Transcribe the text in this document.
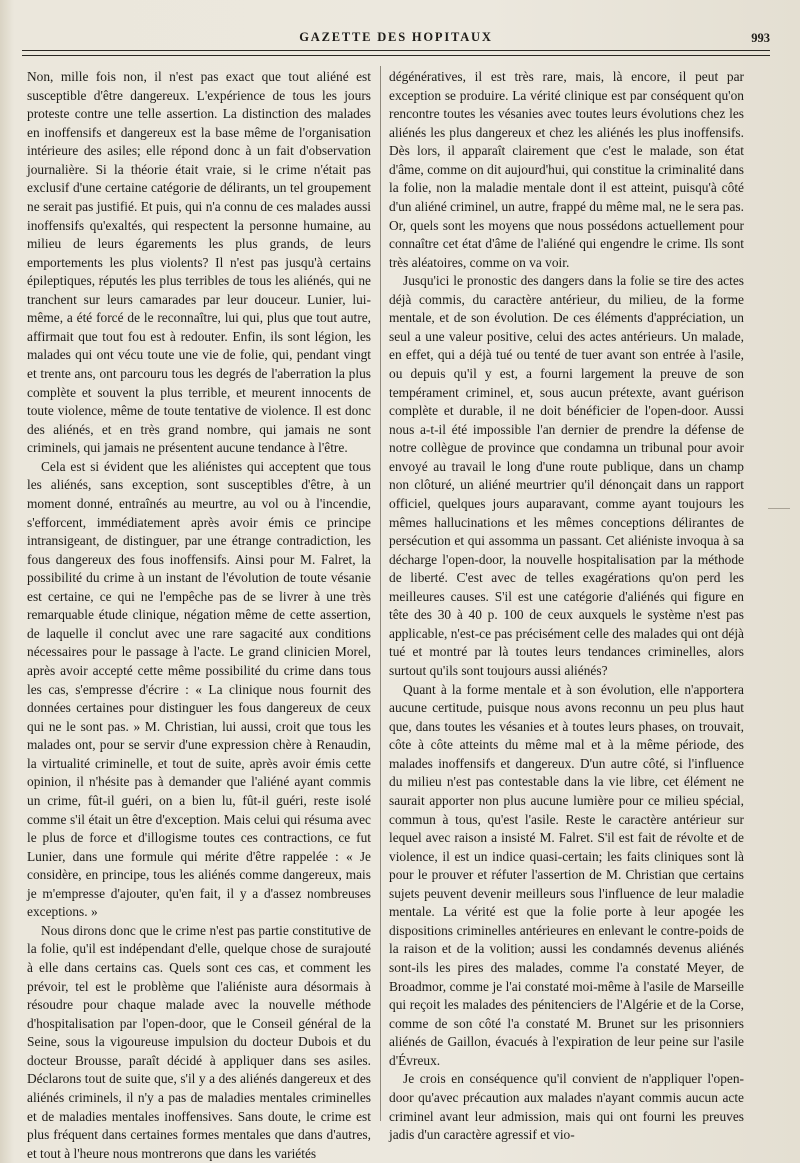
GAZETTE DES HOPITAUX	993

Non, mille fois non, il n'est pas exact que tout aliéné est susceptible d'être dangereux. L'expérience de tous les jours proteste contre une telle assertion. La distinction des malades en inoffensifs et dangereux est la base même de l'organisation intérieure des asiles; elle répond donc à un fait d'observation journalière. Si la théorie était vraie, si le crime n'était pas exclusif d'une certaine catégorie de délirants, un tel groupement ne serait pas justifié. Et puis, qui n'a connu de ces malades aussi inoffensifs qu'exaltés, qui respectent la personne humaine, au milieu de leurs égarements les plus grands, de leurs emportements les plus violents? Il n'est pas jusqu'à certains épileptiques, réputés les plus terribles de tous les aliénés, qui ne tranchent sur leurs camarades par leur douceur. Lunier, lui-même, a été forcé de le reconnaître, lui qui, plus que tout autre, affirmait que tout fou est à redouter. Enfin, ils sont légion, les malades qui ont vécu toute une vie de folie, qui, pendant vingt et trente ans, ont parcouru tous les degrés de l'aberration la plus complète et souvent la plus terrible, et meurent innocents de toute violence, même de toute tentative de violence. Il est donc des aliénés, et en très grand nombre, qui jamais ne sont criminels, qui jamais ne présentent aucune tendance à l'être.

Cela est si évident que les aliénistes qui acceptent que tous les aliénés, sans exception, sont susceptibles d'être, à un moment donné, entraînés au meurtre, au vol ou à l'incendie, s'efforcent, immédiatement après avoir émis ce principe intransigeant, de distinguer, par une étrange contradiction, les fous dangereux des fous inoffensifs. Ainsi pour M. Falret, la possibilité du crime à un instant de l'évolution de toute vésanie est certaine, ce qui ne l'empêche pas de se livrer à une très remarquable étude clinique, négation même de cette assertion, de laquelle il conclut avec une rare sagacité aux conditions nécessaires pour le passage à l'acte. Le grand clinicien Morel, après avoir accepté cette même possibilité du crime dans tous les cas, s'empresse d'écrire : « La clinique nous fournit des données certaines pour distinguer les fous dangereux de ceux qui ne le sont pas. » M. Christian, lui aussi, croit que tous les malades ont, pour se servir d'une expression chère à Renaudin, la virtualité criminelle, et tout de suite, après avoir émis cette opinion, il n'hésite pas à demander que l'aliéné ayant commis un crime, fût-il guéri, on a bien lu, fût-il guéri, reste isolé comme s'il était un être d'exception. Mais celui qui résuma avec le plus de force et d'illogisme toutes ces contractions, ce fut Lunier, dans une formule qui mérite d'être rappelée : « Je considère, en principe, tous les aliénés comme dangereux, mais je m'empresse d'ajouter, qu'en fait, il y a d'assez nombreuses exceptions. »

Nous dirons donc que le crime n'est pas partie constitutive de la folie, qu'il est indépendant d'elle, quelque chose de surajouté à elle dans certains cas. Quels sont ces cas, et comment les prévoir, tel est le problème que l'aliéniste aura désormais à résoudre pour chaque malade avec la nouvelle méthode d'hospitalisation par l'open-door, que le Conseil général de la Seine, sous la vigoureuse impulsion du docteur Dubois et du docteur Brousse, paraît décidé à appliquer dans ses asiles. Déclarons tout de suite que, s'il y a des aliénés dangereux et des aliénés criminels, il n'y a pas de maladies mentales criminelles et de maladies mentales inoffensives. Sans doute, le crime est plus fréquent dans certaines formes mentales que dans d'autres, et tout à l'heure nous montrerons que dans les variétés

dégénératives, il est très rare, mais, là encore, il peut par exception se produire. La vérité clinique est par conséquent qu'on rencontre toutes les vésanies avec toutes leurs évolutions chez les aliénés les plus dangereux et chez les aliénés les plus inoffensifs. Dès lors, il apparaît clairement que c'est le malade, son état d'âme, comme on dit aujourd'hui, qui constitue la criminalité dans la folie, non la maladie mentale dont il est atteint, puisqu'à côté d'un aliéné criminel, un autre, frappé du même mal, ne le sera pas. Or, quels sont les moyens que nous possédons actuellement pour connaître cet état d'âme de l'aliéné qui engendre le crime. Ils sont très aléatoires, comme on va voir.

Jusqu'ici le pronostic des dangers dans la folie se tire des actes déjà commis, du caractère antérieur, du milieu, de la forme mentale, et de son évolution. De ces éléments d'appréciation, un seul a une valeur positive, celui des actes antérieurs. Un malade, en effet, qui a déjà tué ou tenté de tuer avant son entrée à l'asile, ou depuis qu'il y est, a fourni largement la preuve de son tempérament criminel, et, sous aucun prétexte, avant guérison complète et durable, il ne doit bénéficier de l'open-door. Aussi nous a-t-il été impossible l'an dernier de prendre la défense de notre collègue de province que condamna un tribunal pour avoir envoyé au travail le long d'une route publique, dans un champ non clôturé, un aliéné meurtrier qu'il dénonçait dans un rapport officiel, quelques jours auparavant, comme ayant toujours les mêmes hallucinations et les mêmes conceptions délirantes de persécution et qui assomma un passant. Cet aliéniste invoqua à sa décharge l'open-door, la nouvelle hospitalisation par la méthode de liberté. C'est avec de telles exagérations qu'on perd les meilleures causes. S'il est une catégorie d'aliénés qui figure en tête des 30 à 40 p. 100 de ceux auxquels le système n'est pas applicable, n'est-ce pas précisément celle des malades qui ont déjà tué et montré par là toutes leurs tendances criminelles, alors surtout qu'ils sont toujours aussi aliénés?

Quant à la forme mentale et à son évolution, elle n'apportera aucune certitude, puisque nous avons reconnu un peu plus haut que, dans toutes les vésanies et à toutes leurs phases, on trouvait, côte à côte atteints du même mal et à la même période, des malades inoffensifs et dangereux. D'un autre côté, si l'influence du milieu n'est pas contestable dans la vie libre, cet élément ne saurait apporter non plus aucune lumière pour ce milieu spécial, commun à tous, qu'est l'asile. Reste le caractère antérieur sur lequel avec raison a insisté M. Falret. S'il est fait de révolte et de violence, il est un indice quasi-certain; les faits cliniques sont là pour le prouver et réfuter l'assertion de M. Christian que certains sujets peuvent devenir meilleurs sous l'influence de leur maladie mentale. La vérité est que la folie porte à leur apogée les dispositions criminelles antérieures en enlevant le contre-poids de la raison et de la volition; aussi les condamnés devenus aliénés sont-ils les pires des malades, comme l'a constaté Meyer, de Broadmor, comme je l'ai constaté moi-même à l'asile de Marseille qui reçoit les malades des pénitenciers de l'Algérie et de la Corse, comme de son côté l'a constaté M. Brunet sur les prisonniers aliénés de Gaillon, évacués à l'expiration de leur peine sur l'asile d'Évreux.

Je crois en conséquence qu'il convient de n'appliquer l'open-door qu'avec précaution aux malades n'ayant commis aucun acte criminel avant leur admission, mais qui ont fourni les preuves jadis d'un caractère agressif et vio-
